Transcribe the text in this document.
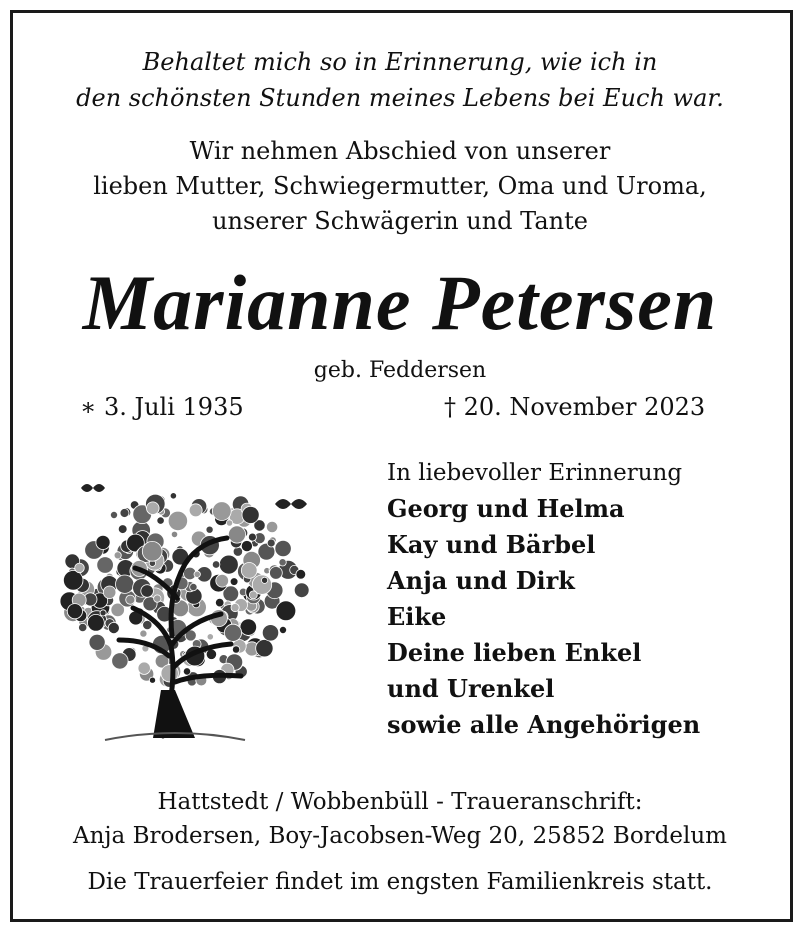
Behaltet mich so in Erinnerung, wie ich in
den schönsten Stunden meines Lebens bei Euch war.
Wir nehmen Abschied von unserer
lieben Mutter, Schwiegermutter, Oma und Uroma,
unserer Schwägerin und Tante
Marianne Petersen
geb. Feddersen
∗ 3. Juli 1935	† 20. November 2023
In liebevoller Erinnerung
Georg und Helma
Kay und Bärbel
Anja und Dirk
Eike
Deine lieben Enkel
und Urenkel
sowie alle Angehörigen
Hattstedt / Wobbenbüll - Traueranschrift:
Anja Brodersen, Boy-Jacobsen-Weg 20, 25852 Bordelum
Die Trauerfeier findet im engsten Familienkreis statt.
